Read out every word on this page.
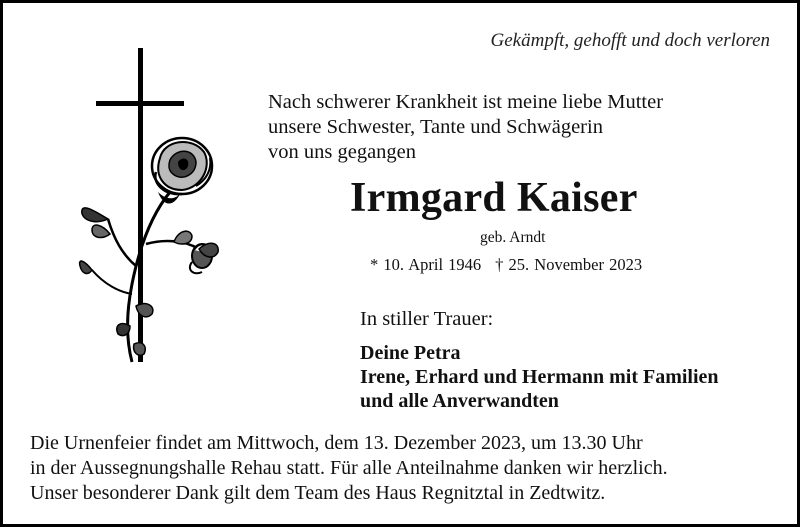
Gekämpft, gehofft und doch verloren
Nach schwerer Krankheit ist meine liebe Mutter
unsere Schwester, Tante und Schwägerin
von uns gegangen
Irmgard Kaiser
geb. Arndt
* 10. April 1946 † 25. November 2023
In stiller Trauer:
Deine Petra
Irene, Erhard und Hermann mit Familien
und alle Anverwandten
Die Urnenfeier findet am Mittwoch, dem 13. Dezember 2023, um 13.30 Uhr
in der Aussegnungshalle Rehau statt. Für alle Anteilnahme danken wir herzlich.
Unser besonderer Dank gilt dem Team des Haus Regnitztal in Zedtwitz.
